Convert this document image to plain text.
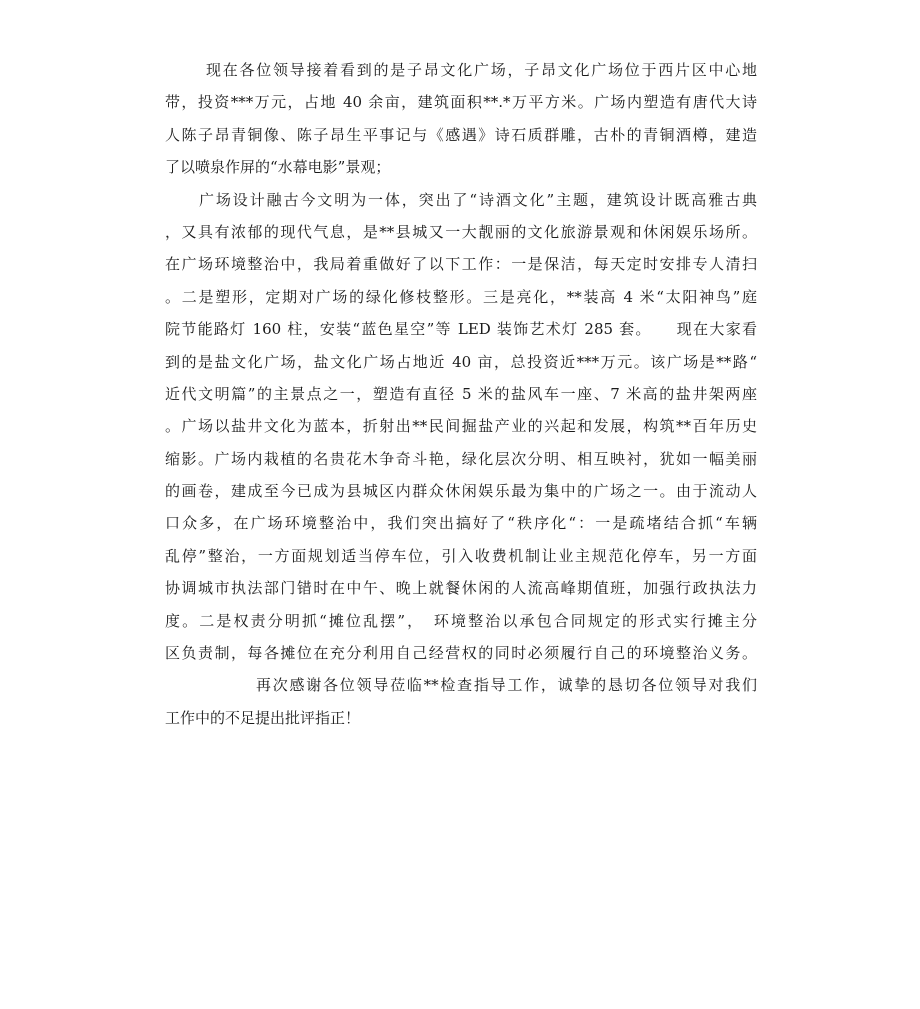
现在各位领导接着看到的是子昂文化广场，子昂文化广场位于西片区中心地
带，投资***万元，占地 40 余亩，建筑面积**.*万平方米。广场内塑造有唐代大诗
人陈子昂青铜像、陈子昂生平事记与《感遇》诗石质群雕，古朴的青铜酒樽，建造
了以喷泉作屏的“水幕电影”景观；
广场设计融古今文明为一体，突出了“诗酒文化”主题，建筑设计既高雅古典
，又具有浓郁的现代气息，是**县城又一大靓丽的文化旅游景观和休闲娱乐场所。
在广场环境整治中，我局着重做好了以下工作：一是保洁，每天定时安排专人清扫
。二是塑形，定期对广场的绿化修枝整形。三是亮化，**装高 4 米“太阳神鸟”庭
院节能路灯 160 柱，安装“蓝色星空”等 LED 装饰艺术灯 285 套。　　现在大家看
到的是盐文化广场，盐文化广场占地近 40 亩，总投资近***万元。该广场是**路“
近代文明篇”的主景点之一，塑造有直径 5 米的盐风车一座、7 米高的盐井架两座
。广场以盐井文化为蓝本，折射出**民间掘盐产业的兴起和发展，构筑**百年历史
缩影。广场内栽植的名贵花木争奇斗艳，绿化层次分明、相互映衬，犹如一幅美丽
的画卷，建成至今已成为县城区内群众休闲娱乐最为集中的广场之一。由于流动人
口众多，在广场环境整治中，我们突出搞好了“秩序化“：一是疏堵结合抓“车辆
乱停”整治，一方面规划适当停车位，引入收费机制让业主规范化停车，另一方面
协调城市执法部门错时在中午、晚上就餐休闲的人流高峰期值班，加强行政执法力
度。二是权责分明抓“摊位乱摆”，　环境整治以承包合同规定的形式实行摊主分
区负责制，每各摊位在充分利用自己经营权的同时必须履行自己的环境整治义务。
再次感谢各位领导莅临**检查指导工作，诚挚的恳切各位领导对我们
工作中的不足提出批评指正！
